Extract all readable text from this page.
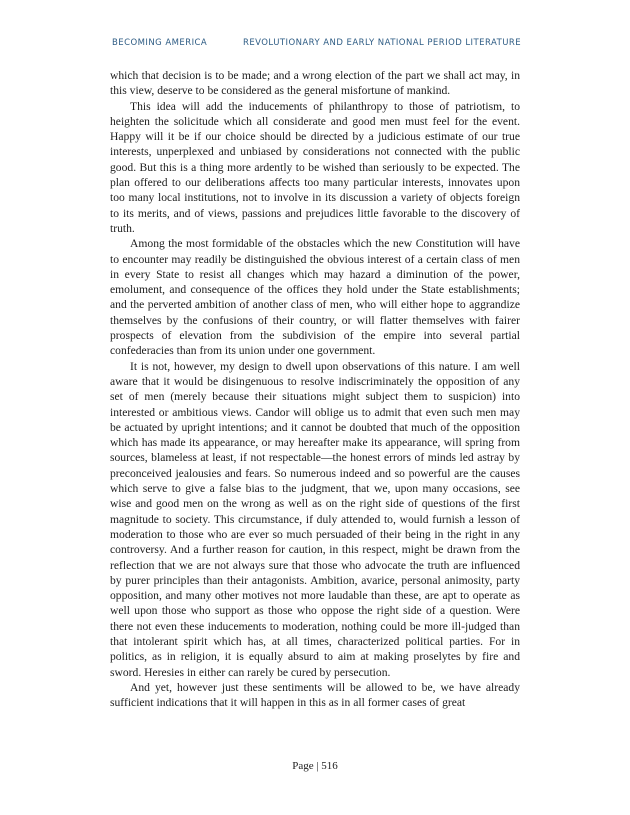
BECOMING AMERICA	REVOLUTIONARY AND EARLY NATIONAL PERIOD LITERATURE

which that decision is to be made; and a wrong election of the part we shall act may, in this view, deserve to be considered as the general misfortune of mankind.

This idea will add the inducements of philanthropy to those of patriotism, to heighten the solicitude which all considerate and good men must feel for the event. Happy will it be if our choice should be directed by a judicious estimate of our true interests, unperplexed and unbiased by considerations not connected with the public good. But this is a thing more ardently to be wished than seriously to be expected. The plan offered to our deliberations affects too many particular interests, innovates upon too many local institutions, not to involve in its discussion a variety of objects foreign to its merits, and of views, passions and prejudices little favorable to the discovery of truth.

Among the most formidable of the obstacles which the new Constitution will have to encounter may readily be distinguished the obvious interest of a certain class of men in every State to resist all changes which may hazard a diminution of the power, emolument, and consequence of the offices they hold under the State establishments; and the perverted ambition of another class of men, who will either hope to aggrandize themselves by the confusions of their country, or will flatter themselves with fairer prospects of elevation from the subdivision of the empire into several partial confederacies than from its union under one government.

It is not, however, my design to dwell upon observations of this nature. I am well aware that it would be disingenuous to resolve indiscriminately the opposition of any set of men (merely because their situations might subject them to suspicion) into interested or ambitious views. Candor will oblige us to admit that even such men may be actuated by upright intentions; and it cannot be doubted that much of the opposition which has made its appearance, or may hereafter make its appearance, will spring from sources, blameless at least, if not respectable—the honest errors of minds led astray by preconceived jealousies and fears. So numerous indeed and so powerful are the causes which serve to give a false bias to the judgment, that we, upon many occasions, see wise and good men on the wrong as well as on the right side of questions of the first magnitude to society. This circumstance, if duly attended to, would furnish a lesson of moderation to those who are ever so much persuaded of their being in the right in any controversy. And a further reason for caution, in this respect, might be drawn from the reflection that we are not always sure that those who advocate the truth are influenced by purer principles than their antagonists. Ambition, avarice, personal animosity, party opposition, and many other motives not more laudable than these, are apt to operate as well upon those who support as those who oppose the right side of a question. Were there not even these inducements to moderation, nothing could be more ill-judged than that intolerant spirit which has, at all times, characterized political parties. For in politics, as in religion, it is equally absurd to aim at making proselytes by fire and sword. Heresies in either can rarely be cured by persecution.

And yet, however just these sentiments will be allowed to be, we have already sufficient indications that it will happen in this as in all former cases of great

Page | 516
